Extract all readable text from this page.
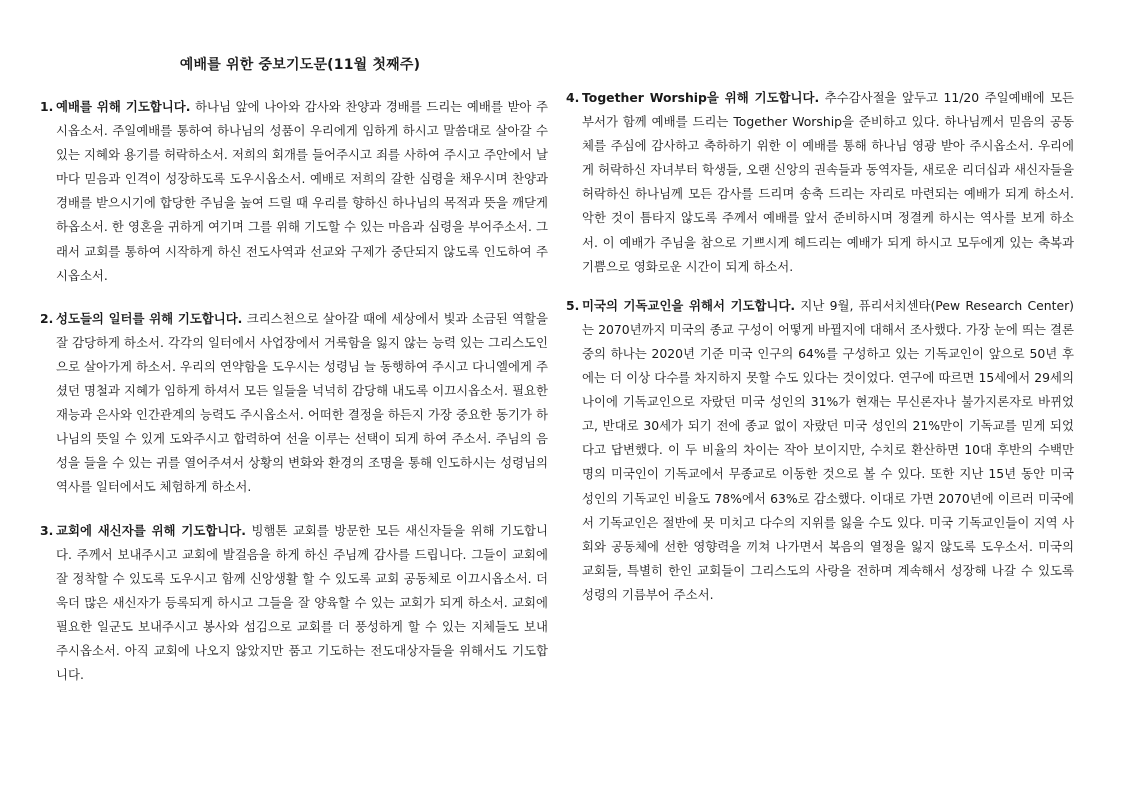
예배를 위한 중보기도문(11월 첫째주)
1. 예배를 위해 기도합니다. 하나님 앞에 나아와 감사와 찬양과 경배를 드리는 예배를 받아 주시옵소서. 주일예배를 통하여 하나님의 성품이 우리에게 임하게 하시고 말씀대로 살아갈 수 있는 지혜와 용기를 허락하소서. 저희의 회개를 들어주시고 죄를 사하여 주시고 주안에서 날마다 믿음과 인격이 성장하도록 도우시옵소서. 예배로 저희의 갈한 심령을 채우시며 찬양과 경배를 받으시기에 합당한 주님을 높여 드릴 때 우리를 향하신 하나님의 목적과 뜻을 깨닫게 하옵소서. 한 영혼을 귀하게 여기며 그를 위해 기도할 수 있는 마음과 심령을 부어주소서. 그래서 교회를 통하여 시작하게 하신 전도사역과 선교와 구제가 중단되지 않도록 인도하여 주시옵소서.
2. 성도들의 일터를 위해 기도합니다. 크리스천으로 살아갈 때에 세상에서 빛과 소금된 역할을 잘 감당하게 하소서. 각각의 일터에서 사업장에서 거룩함을 잃지 않는 능력 있는 그리스도인으로 살아가게 하소서. 우리의 연약함을 도우시는 성령님 늘 동행하여 주시고 다니엘에게 주셨던 명철과 지혜가 임하게 하셔서 모든 일들을 넉넉히 감당해 내도록 이끄시옵소서. 필요한 재능과 은사와 인간관계의 능력도 주시옵소서. 어떠한 결정을 하든지 가장 중요한 동기가 하나님의 뜻일 수 있게 도와주시고 합력하여 선을 이루는 선택이 되게 하여 주소서. 주님의 음성을 들을 수 있는 귀를 열어주셔서 상황의 변화와 환경의 조명을 통해 인도하시는 성령님의 역사를 일터에서도 체험하게 하소서.
3. 교회에 새신자를 위해 기도합니다. 빙햄톤 교회를 방문한 모든 새신자들을 위해 기도합니다. 주께서 보내주시고 교회에 발걸음을 하게 하신 주님께 감사를 드립니다. 그들이 교회에 잘 정착할 수 있도록 도우시고 함께 신앙생활 할 수 있도록 교회 공동체로 이끄시옵소서. 더욱더 많은 새신자가 등록되게 하시고 그들을 잘 양육할 수 있는 교회가 되게 하소서. 교회에 필요한 일군도 보내주시고 봉사와 섬김으로 교회를 더 풍성하게 할 수 있는 지체들도 보내 주시옵소서. 아직 교회에 나오지 않았지만 품고 기도하는 전도대상자들을 위해서도 기도합니다.
4. Together Worship을 위해 기도합니다. 추수감사절을 앞두고 11/20 주일예배에 모든 부서가 함께 예배를 드리는 Together Worship을 준비하고 있다. 하나님께서 믿음의 공동체를 주심에 감사하고 축하하기 위한 이 예배를 통해 하나님 영광 받아 주시옵소서. 우리에게 허락하신 자녀부터 학생들, 오랜 신앙의 권속들과 동역자들, 새로운 리더십과 새신자들을 허락하신 하나님께 모든 감사를 드리며 송축 드리는 자리로 마련되는 예배가 되게 하소서. 악한 것이 틈타지 않도록 주께서 예배를 앞서 준비하시며 정결케 하시는 역사를 보게 하소서. 이 예배가 주님을 참으로 기쁘시게 헤드리는 예배가 되게 하시고 모두에게 있는 축복과 기쁨으로 영화로운 시간이 되게 하소서.
5. 미국의 기독교인을 위해서 기도합니다. 지난 9월, 퓨리서치센타(Pew Research Center)는 2070년까지 미국의 종교 구성이 어떻게 바뀔지에 대해서 조사했다. 가장 눈에 띄는 결론 중의 하나는 2020년 기준 미국 인구의 64%를 구성하고 있는 기독교인이 앞으로 50년 후에는 더 이상 다수를 차지하지 못할 수도 있다는 것이었다. 연구에 따르면 15세에서 29세의 나이에 기독교인으로 자랐던 미국 성인의 31%가 현재는 무신론자나 불가지론자로 바뀌었고, 반대로 30세가 되기 전에 종교 없이 자랐던 미국 성인의 21%만이 기독교를 믿게 되었다고 답변했다. 이 두 비율의 차이는 작아 보이지만, 수치로 환산하면 10대 후반의 수백만 명의 미국인이 기독교에서 무종교로 이동한 것으로 볼 수 있다. 또한 지난 15년 동안 미국 성인의 기독교인 비율도 78%에서 63%로 감소했다. 이대로 가면 2070년에 이르러 미국에서 기독교인은 절반에 못 미치고 다수의 지위를 잃을 수도 있다. 미국 기독교인들이 지역 사회와 공동체에 선한 영향력을 끼쳐 나가면서 복음의 열정을 잃지 않도록 도우소서. 미국의 교회들, 특별히 한인 교회들이 그리스도의 사랑을 전하며 계속해서 성장해 나갈 수 있도록 성령의 기름부어 주소서.
